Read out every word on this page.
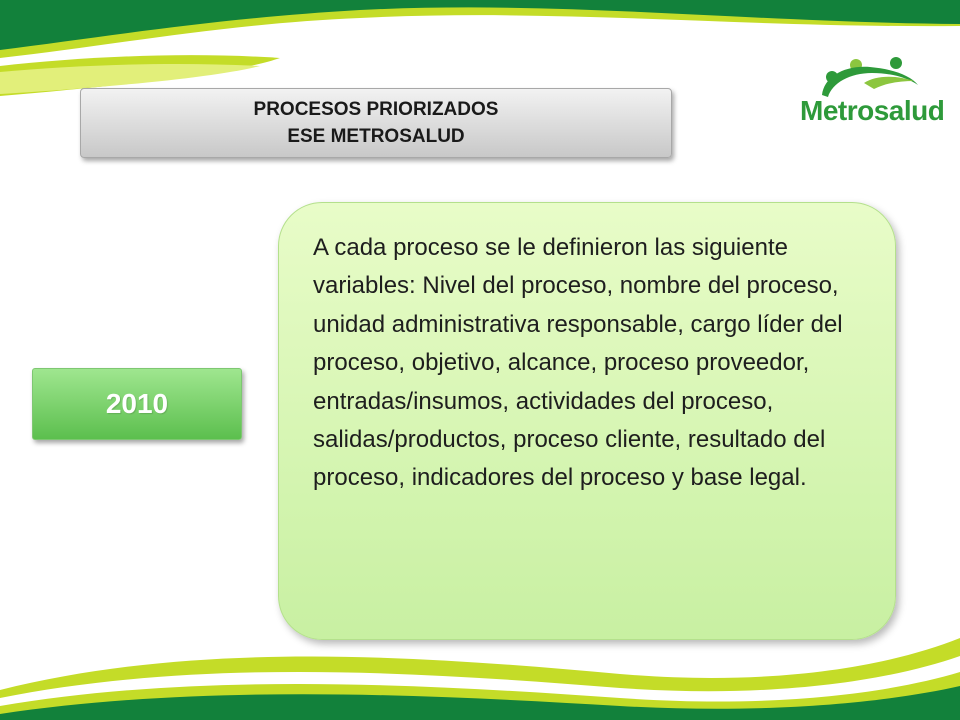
PROCESOS PRIORIZADOS
ESE METROSALUD
Metrosalud
2010

A cada proceso se le definieron las siguiente variables: Nivel del proceso, nombre del proceso, unidad administrativa responsable, cargo líder del proceso, objetivo, alcance, proceso proveedor, entradas/insumos, actividades del proceso, salidas/productos, proceso cliente, resultado del proceso, indicadores del proceso y base legal.
